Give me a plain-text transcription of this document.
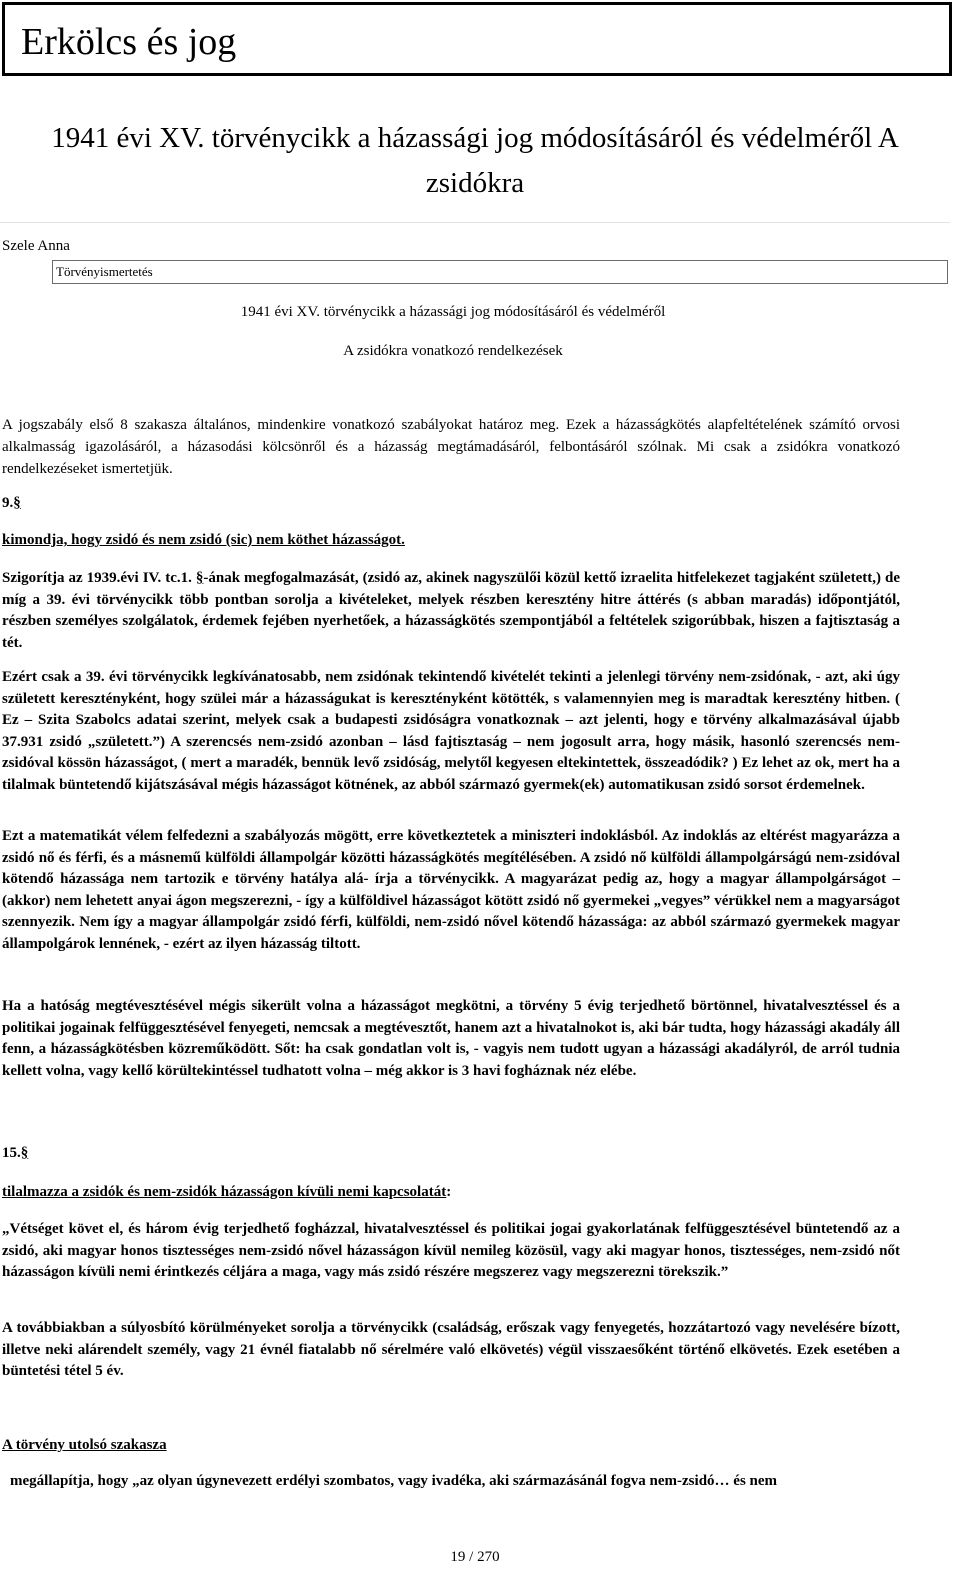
Erkölcs és jog
1941 évi XV. törvénycikk a házassági jog módosításáról és védelméről A zsidókra
Szele Anna
Törvényismertetés
1941 évi XV. törvénycikk a házassági jog módosításáról és védelméről
A zsidókra vonatkozó rendelkezések
A jogszabály első 8 szakasza általános, mindenkire vonatkozó szabályokat határoz meg. Ezek a házasságkötés alapfeltételének számító orvosi alkalmasság igazolásáról, a házasodási kölcsönről és a házasság megtámadásáról, felbontásáról szólnak. Mi csak a zsidókra vonatkozó rendelkezéseket ismertetjük.
9.§
kimondja, hogy zsidó és nem zsidó (sic) nem köthet házasságot.
Szigorítja az 1939.évi IV. tc.1. §-ának megfogalmazását, (zsidó az, akinek nagyszülői közül kettő izraelita hitfelekezet tagjaként született,) de míg a 39. évi törvénycikk több pontban sorolja a kivételeket, melyek részben keresztény hitre áttérés (s abban maradás) időpontjától, részben személyes szolgálatok, érdemek fejében nyerhetőek, a házasságkötés szempontjából a feltételek szigorúbbak, hiszen a fajtisztaság a tét.
Ezért csak a 39. évi törvénycikk legkívánatosabb, nem zsidónak tekintendő kivételét tekinti a jelenlegi törvény nem-zsidónak, - azt, aki úgy született keresztényként, hogy szülei már a házasságukat is keresztényként kötötték, s valamennyien meg is maradtak keresztény hitben. ( Ez – Szita Szabolcs adatai szerint, melyek csak a budapesti zsidóságra vonatkoznak – azt jelenti, hogy e törvény alkalmazásával újabb 37.931 zsidó „született.”) A szerencsés nem-zsidó azonban – lásd fajtisztaság – nem jogosult arra, hogy másik, hasonló szerencsés nem-zsidóval kössön házasságot, ( mert a maradék, bennük levő zsidóság, melytől kegyesen eltekintettek, összeadódik? ) Ez lehet az ok, mert ha a tilalmak büntetendő kijátszásával mégis házasságot kötnének, az abból származó gyermek(ek) automatikusan zsidó sorsot érdemelnek.
Ezt a matematikát vélem felfedezni a szabályozás mögött, erre következtetek a miniszteri indoklásból. Az indoklás az eltérést magyarázza a zsidó nő és férfi, és a másnemű külföldi állampolgár közötti házasságkötés megítélésében. A zsidó nő külföldi állampolgárságú nem-zsidóval kötendő házassága nem tartozik e törvény hatálya alá- írja a törvénycikk. A magyarázat pedig az, hogy a magyar állampolgárságot – (akkor) nem lehetett anyai ágon megszerezni, - így a külföldivel házasságot kötött zsidó nő gyermekei „vegyes” vérükkel nem a magyarságot szennyezik. Nem így a magyar állampolgár zsidó férfi, külföldi, nem-zsidó nővel kötendő házassága: az abból származó gyermekek magyar állampolgárok lennének, - ezért az ilyen házasság tiltott.
Ha a hatóság megtévesztésével mégis sikerült volna a házasságot megkötni, a törvény 5 évig terjedhető börtönnel, hivatalvesztéssel és a politikai jogainak felfüggesztésével fenyegeti, nemcsak a megtévesztőt, hanem azt a hivatalnokot is, aki bár tudta, hogy házassági akadály áll fenn, a házasságkötésben közreműködött. Sőt: ha csak gondatlan volt is, - vagyis nem tudott ugyan a házassági akadályról, de arról tudnia kellett volna, vagy kellő körültekintéssel tudhatott volna – még akkor is 3 havi fogháznak néz elébe.
15.§
tilalmazza a zsidók és nem-zsidók házasságon kívüli nemi kapcsolatát:
„Vétséget követ el, és három évig terjedhető fogházzal, hivatalvesztéssel és politikai jogai gyakorlatának felfüggesztésével büntetendő az a zsidó, aki magyar honos tisztességes nem-zsidó nővel házasságon kívül nemileg közösül, vagy aki magyar honos, tisztességes, nem-zsidó nőt házasságon kívüli nemi érintkezés céljára a maga, vagy más zsidó részére megszerez vagy megszerezni törekszik.”
A továbbiakban a súlyosbító körülményeket sorolja a törvénycikk (családság, erőszak vagy fenyegetés, hozzátartozó vagy nevelésére bízott, illetve neki alárendelt személy, vagy 21 évnél fiatalabb nő sérelmére való elkövetés) végül visszaesőként történő elkövetés. Ezek esetében a büntetési tétel 5 év.
A törvény utolsó szakasza
megállapítja, hogy „az olyan úgynevezett erdélyi szombatos, vagy ivadéka, aki származásánál fogva nem-zsidó… és nem
19 / 270
